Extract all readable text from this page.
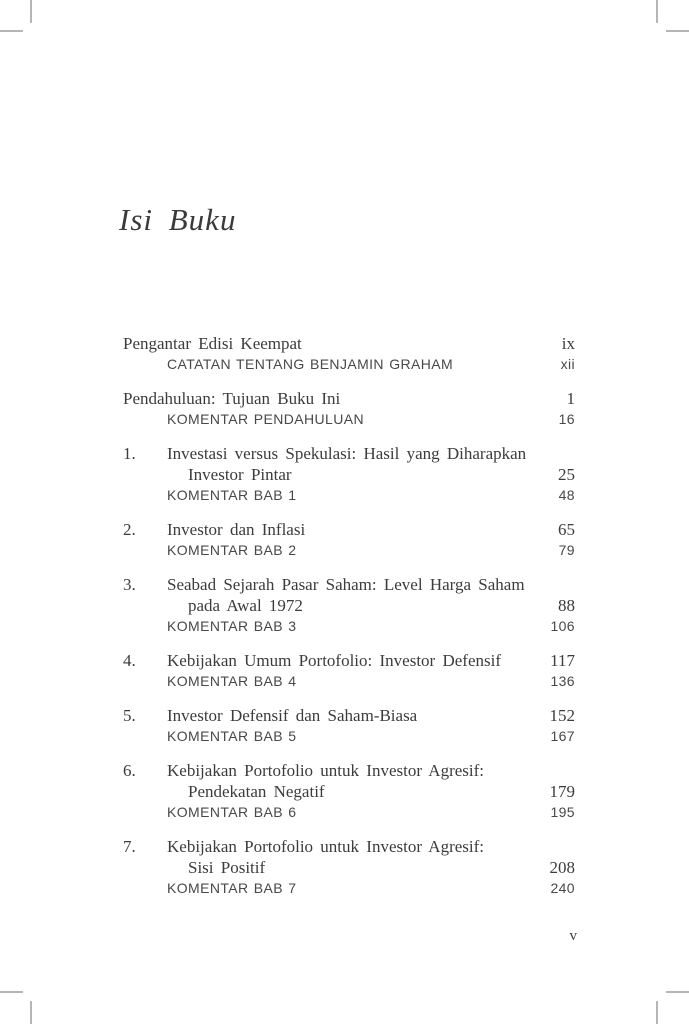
Isi Buku
Pengantar Edisi Keempat	ix
CATATAN TENTANG BENJAMIN GRAHAM	xii
Pendahuluan: Tujuan Buku Ini	1
KOMENTAR PENDAHULUAN	16
1.	Investasi versus Spekulasi: Hasil yang Diharapkan
Investor Pintar	25
KOMENTAR BAB 1	48
2.	Investor dan Inflasi	65
KOMENTAR BAB 2	79
3.	Seabad Sejarah Pasar Saham: Level Harga Saham
pada Awal 1972	88
KOMENTAR BAB 3	106
4.	Kebijakan Umum Portofolio: Investor Defensif	117
KOMENTAR BAB 4	136
5.	Investor Defensif dan Saham-Biasa	152
KOMENTAR BAB 5	167
6.	Kebijakan Portofolio untuk Investor Agresif:
Pendekatan Negatif	179
KOMENTAR BAB 6	195
7.	Kebijakan Portofolio untuk Investor Agresif:
Sisi Positif	208
KOMENTAR BAB 7	240
v
